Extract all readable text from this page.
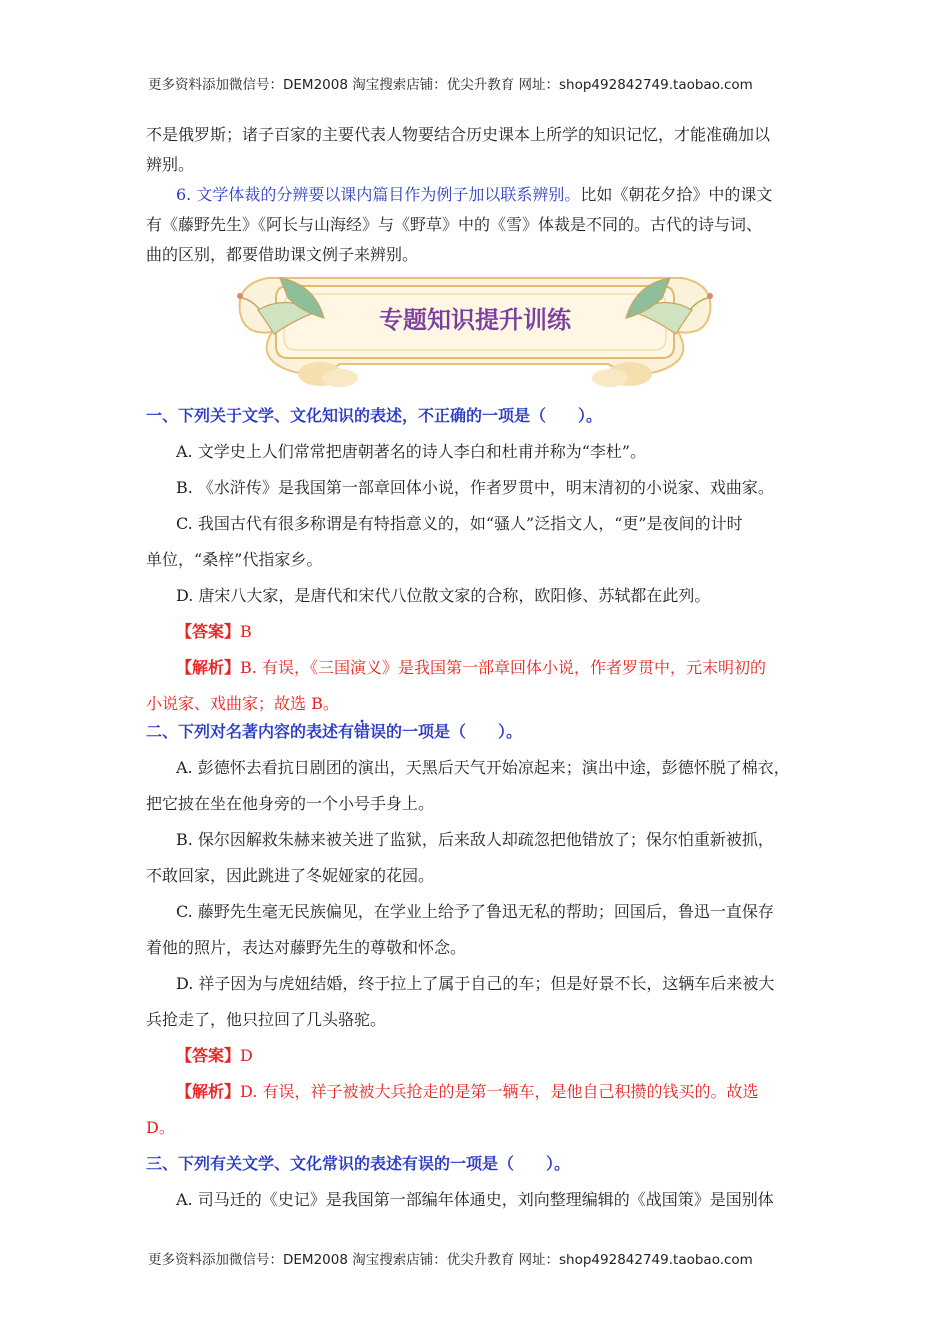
更多资料添加微信号：DEM2008 淘宝搜索店铺：优尖升教育 网址：shop492842749.taobao.com

不是俄罗斯；诸子百家的主要代表人物要结合历史课本上所学的知识记忆，才能准确加以

辨别。

6. 文学体裁的分辨要以课内篇目作为例子加以联系辨别。比如《朝花夕拾》中的课文

有《藤野先生》《阿长与山海经》与《野草》中的《雪》体裁是不同的。古代的诗与词、

曲的区别，都要借助课文例子来辨别。

专题知识提升训练

一、下列关于文学、文化知识的表述，不正确的一项是（　　）。

A. 文学史上人们常常把唐朝著名的诗人李白和杜甫并称为“李杜”。

B. 《水浒传》是我国第一部章回体小说，作者罗贯中，明末清初的小说家、戏曲家。

C. 我国古代有很多称谓是有特指意义的，如“骚人”泛指文人，“更”是夜间的计时

单位，“桑梓”代指家乡。

D. 唐宋八大家，是唐代和宋代八位散文家的合称，欧阳修、苏轼都在此列。

【答案】B

【解析】B. 有误，《三国演义》是我国第一部章回体小说，作者罗贯中，元末明初的

小说家、戏曲家；故选 B。

二、下列对名著内容的表述有错误的一项是（　　）。

A. 彭德怀去看抗日剧团的演出，天黑后天气开始凉起来；演出中途，彭德怀脱了棉衣，

把它披在坐在他身旁的一个小号手身上。

B. 保尔因解救朱赫来被关进了监狱，后来敌人却疏忽把他错放了；保尔怕重新被抓，

不敢回家，因此跳进了冬妮娅家的花园。

C. 藤野先生毫无民族偏见，在学业上给予了鲁迅无私的帮助；回国后，鲁迅一直保存

着他的照片，表达对藤野先生的尊敬和怀念。

D. 祥子因为与虎妞结婚，终于拉上了属于自己的车；但是好景不长，这辆车后来被大

兵抢走了，他只拉回了几头骆驼。

【答案】D

【解析】D. 有误，祥子被被大兵抢走的是第一辆车，是他自己积攒的钱买的。故选

D。

三、下列有关文学、文化常识的表述有误的一项是（　　）。

A. 司马迁的《史记》是我国第一部编年体通史，刘向整理编辑的《战国策》是国别体

更多资料添加微信号：DEM2008 淘宝搜索店铺：优尖升教育 网址：shop492842749.taobao.com
